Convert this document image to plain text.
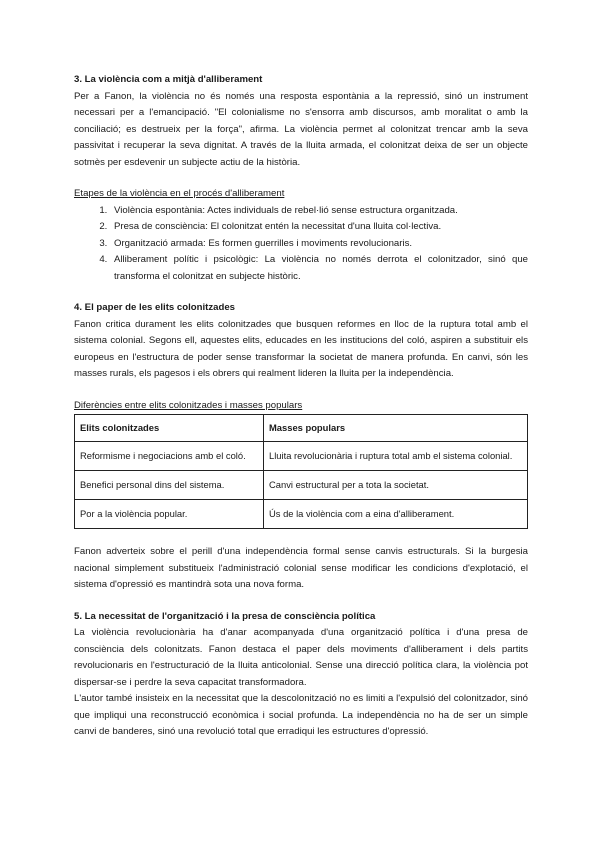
3. La violència com a mitjà d'alliberament

Per a Fanon, la violència no és només una resposta espontània a la repressió, sinó un instrument necessari per a l'emancipació. "El colonialisme no s'ensorra amb discursos, amb moralitat o amb la conciliació; es destrueix per la força", afirma. La violència permet al colonitzat trencar amb la seva passivitat i recuperar la seva dignitat. A través de la lluita armada, el colonitzat deixa de ser un objecte sotmès per esdevenir un subjecte actiu de la història.

Etapes de la violència en el procés d'alliberament

1. Violència espontània: Actes individuals de rebel·lió sense estructura organitzada.
2. Presa de consciència: El colonitzat entén la necessitat d'una lluita col·lectiva.
3. Organització armada: Es formen guerrilles i moviments revolucionaris.
4. Alliberament polític i psicològic: La violència no només derrota el colonitzador, sinó que transforma el colonitzat en subjecte històric.
4. El paper de les elits colonitzades

Fanon critica durament les elits colonitzades que busquen reformes en lloc de la ruptura total amb el sistema colonial. Segons ell, aquestes elits, educades en les institucions del coló, aspiren a substituir els europeus en l'estructura de poder sense transformar la societat de manera profunda. En canvi, són les masses rurals, els pagesos i els obrers qui realment lideren la lluita per la independència.

Diferències entre elits colonitzades i masses populars

Elits colonitzades	Masses populars
Reformisme i negociacions amb el coló.	Lluita revolucionària i ruptura total amb el sistema colonial.
Benefici personal dins del sistema.	Canvi estructural per a tota la societat.
Por a la violència popular.	Ús de la violència com a eina d'alliberament.

Fanon adverteix sobre el perill d'una independència formal sense canvis estructurals. Si la burgesia nacional simplement substitueix l'administració colonial sense modificar les condicions d'explotació, el sistema d'opressió es mantindrà sota una nova forma.

5. La necessitat de l'organització i la presa de consciència política

La violència revolucionària ha d'anar acompanyada d'una organització política i d'una presa de consciència dels colonitzats. Fanon destaca el paper dels moviments d'alliberament i dels partits revolucionaris en l'estructuració de la lluita anticolonial. Sense una direcció política clara, la violència pot dispersar-se i perdre la seva capacitat transformadora.

L'autor també insisteix en la necessitat que la descolonització no es limiti a l'expulsió del colonitzador, sinó que impliqui una reconstrucció econòmica i social profunda. La independència no ha de ser un simple canvi de banderes, sinó una revolució total que erradiqui les estructures d'opressió.
